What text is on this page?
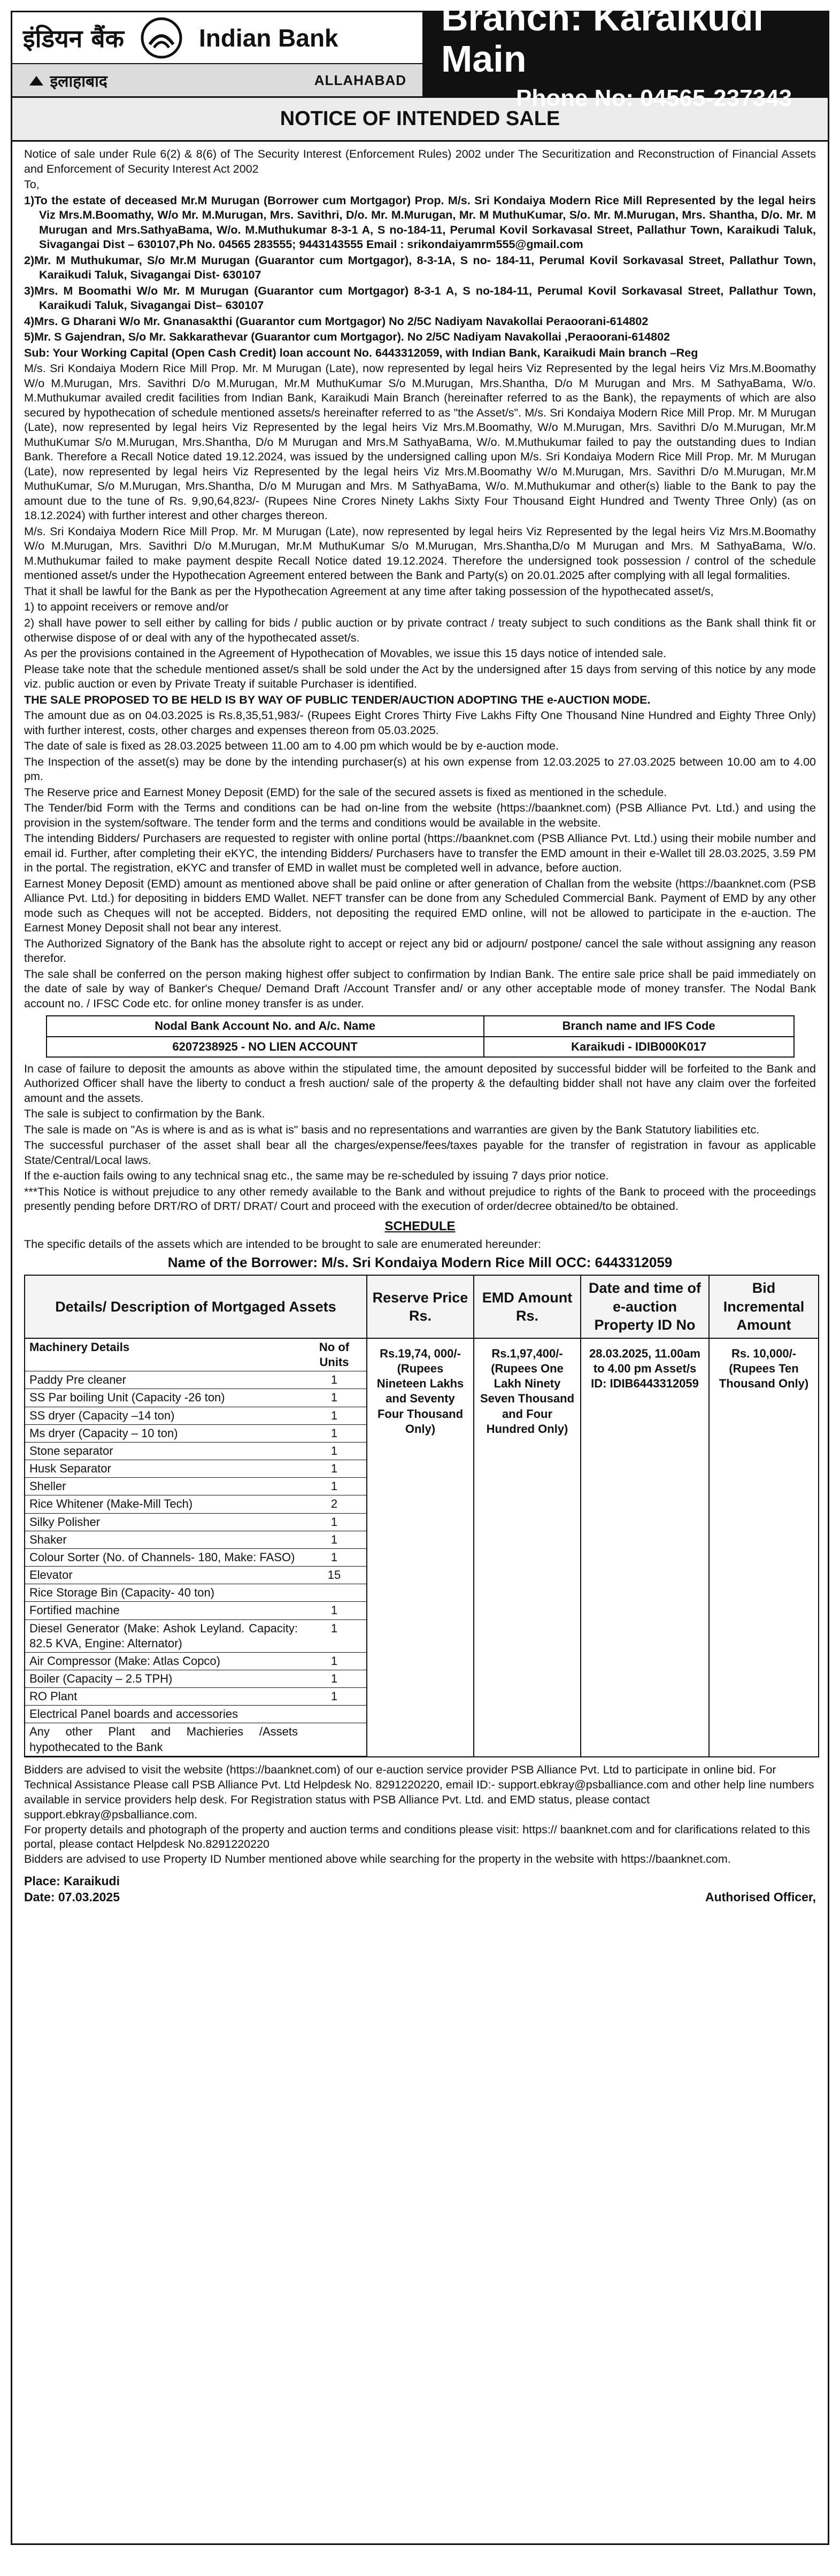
इंडियन बैंक	Indian Bank
इलाहाबाद	ALLAHABAD
Branch: Karaikudi Main
Phone No: 04565-237343
NOTICE OF INTENDED SALE

Notice of sale under Rule 6(2) & 8(6) of The Security Interest (Enforcement Rules) 2002 under The Securitization and Reconstruction of Financial Assets and Enforcement of Security Interest Act 2002

To,

1)To the estate of deceased Mr.M Murugan (Borrower cum Mortgagor) Prop. M/s. Sri Kondaiya Modern Rice Mill Represented by the legal heirs Viz Mrs.M.Boomathy, W/o Mr. M.Murugan, Mrs. Savithri, D/o. Mr. M.Murugan, Mr. M MuthuKumar, S/o. Mr. M.Murugan, Mrs. Shantha, D/o. Mr. M Murugan and Mrs.SathyaBama, W/o. M.Muthukumar 8-3-1 A, S no-184-11, Perumal Kovil Sorkavasal Street, Pallathur Town, Karaikudi Taluk, Sivagangai Dist – 630107,Ph No. 04565 283555; 9443143555 Email : srikondaiyamrm555@gmail.com
2)Mr. M Muthukumar, S/o Mr.M Murugan (Guarantor cum Mortgagor), 8-3-1A, S no- 184-11, Perumal Kovil Sorkavasal Street, Pallathur Town, Karaikudi Taluk, Sivagangai Dist- 630107
3)Mrs. M Boomathi W/o Mr. M Murugan (Guarantor cum Mortgagor) 8-3-1 A, S no-184-11, Perumal Kovil Sorkavasal Street, Pallathur Town, Karaikudi Taluk, Sivagangai Dist– 630107
4)Mrs. G Dharani W/o Mr. Gnanasakthi (Guarantor cum Mortgagor) No 2/5C Nadiyam Navakollai Peraoorani-614802
5)Mr. S Gajendran, S/o Mr. Sakkarathevar (Guarantor cum Mortgagor). No 2/5C Nadiyam Navakollai ,Peraoorani-614802

Sub: Your Working Capital (Open Cash Credit) loan account No. 6443312059, with Indian Bank, Karaikudi Main branch –Reg

M/s. Sri Kondaiya Modern Rice Mill Prop. Mr. M Murugan (Late), now represented by legal heirs Viz Represented by the legal heirs Viz Mrs.M.Boomathy W/o M.Murugan, Mrs. Savithri D/o M.Murugan, Mr.M MuthuKumar S/o M.Murugan, Mrs.Shantha, D/o M Murugan and Mrs. M SathyaBama, W/o. M.Muthukumar availed credit facilities from Indian Bank, Karaikudi Main Branch (hereinafter referred to as the Bank), the repayments of which are also secured by hypothecation of schedule mentioned assets/s hereinafter referred to as "the Asset/s". M/s. Sri Kondaiya Modern Rice Mill Prop. Mr. M Murugan (Late), now represented by legal heirs Viz Represented by the legal heirs Viz Mrs.M.Boomathy, W/o M.Murugan, Mrs. Savithri D/o M.Murugan, Mr.M MuthuKumar S/o M.Murugan, Mrs.Shantha, D/o M Murugan and Mrs.M SathyaBama, W/o. M.Muthukumar failed to pay the outstanding dues to Indian Bank. Therefore a Recall Notice dated 19.12.2024, was issued by the undersigned calling upon M/s. Sri Kondaiya Modern Rice Mill Prop. Mr. M Murugan (Late), now represented by legal heirs Viz Represented by the legal heirs Viz Mrs.M.Boomathy W/o M.Murugan, Mrs. Savithri D/o M.Murugan, Mr.M MuthuKumar, S/o M.Murugan, Mrs.Shantha, D/o M Murugan and Mrs. M SathyaBama, W/o. M.Muthukumar and other(s) liable to the Bank to pay the amount due to the tune of Rs. 9,90,64,823/- (Rupees Nine Crores Ninety Lakhs Sixty Four Thousand Eight Hundred and Twenty Three Only) (as on 18.12.2024) with further interest and other charges thereon.

M/s. Sri Kondaiya Modern Rice Mill Prop. Mr. M Murugan (Late), now represented by legal heirs Viz Represented by the legal heirs Viz Mrs.M.Boomathy W/o M.Murugan, Mrs. Savithri D/o M.Murugan, Mr.M MuthuKumar S/o M.Murugan, Mrs.Shantha,D/o M Murugan and Mrs. M SathyaBama, W/o. M.Muthukumar failed to make payment despite Recall Notice dated 19.12.2024. Therefore the undersigned took possession / control of the schedule mentioned asset/s under the Hypothecation Agreement entered between the Bank and Party(s) on 20.01.2025 after complying with all legal formalities.

That it shall be lawful for the Bank as per the Hypothecation Agreement at any time after taking possession of the hypothecated asset/s,

1) to appoint receivers or remove and/or

2) shall have power to sell either by calling for bids / public auction or by private contract / treaty subject to such conditions as the Bank shall think fit or otherwise dispose of or deal with any of the hypothecated asset/s.

As per the provisions contained in the Agreement of Hypothecation of Movables, we issue this 15 days notice of intended sale.

Please take note that the schedule mentioned asset/s shall be sold under the Act by the undersigned after 15 days from serving of this notice by any mode viz. public auction or even by Private Treaty if suitable Purchaser is identified.

THE SALE PROPOSED TO BE HELD IS BY WAY OF PUBLIC TENDER/AUCTION ADOPTING THE e-AUCTION MODE.

The amount due as on 04.03.2025 is Rs.8,35,51,983/- (Rupees Eight Crores Thirty Five Lakhs Fifty One Thousand Nine Hundred and Eighty Three Only) with further interest, costs, other charges and expenses thereon from 05.03.2025.

The date of sale is fixed as 28.03.2025 between 11.00 am to 4.00 pm which would be by e-auction mode.

The Inspection of the asset(s) may be done by the intending purchaser(s) at his own expense from 12.03.2025 to 27.03.2025 between 10.00 am to 4.00 pm.

The Reserve price and Earnest Money Deposit (EMD) for the sale of the secured assets is fixed as mentioned in the schedule.

The Tender/bid Form with the Terms and conditions can be had on-line from the website (https://baanknet.com) (PSB Alliance Pvt. Ltd.) and using the provision in the system/software. The tender form and the terms and conditions would be available in the website.

The intending Bidders/ Purchasers are requested to register with online portal (https://baanknet.com (PSB Alliance Pvt. Ltd.) using their mobile number and email id. Further, after completing their eKYC, the intending Bidders/ Purchasers have to transfer the EMD amount in their e-Wallet till 28.03.2025, 3.59 PM in the portal. The registration, eKYC and transfer of EMD in wallet must be completed well in advance, before auction.

Earnest Money Deposit (EMD) amount as mentioned above shall be paid online or after generation of Challan from the website (https://baanknet.com (PSB Alliance Pvt. Ltd.) for depositing in bidders EMD Wallet. NEFT transfer can be done from any Scheduled Commercial Bank. Payment of EMD by any other mode such as Cheques will not be accepted. Bidders, not depositing the required EMD online, will not be allowed to participate in the e-auction. The Earnest Money Deposit shall not bear any interest.

The Authorized Signatory of the Bank has the absolute right to accept or reject any bid or adjourn/ postpone/ cancel the sale without assigning any reason therefor.

The sale shall be conferred on the person making highest offer subject to confirmation by Indian Bank. The entire sale price shall be paid immediately on the date of sale by way of Banker's Cheque/ Demand Draft /Account Transfer and/ or any other acceptable mode of money transfer. The Nodal Bank account no. / IFSC Code etc. for online money transfer is as under.

Nodal Bank Account No. and A/c. Name	Branch name and IFS Code
6207238925 - NO LIEN ACCOUNT	Karaikudi - IDIB000K017

In case of failure to deposit the amounts as above within the stipulated time, the amount deposited by successful bidder will be forfeited to the Bank and Authorized Officer shall have the liberty to conduct a fresh auction/ sale of the property & the defaulting bidder shall not have any claim over the forfeited amount and the assets.

The sale is subject to confirmation by the Bank.

The sale is made on "As is where is and as is what is" basis and no representations and warranties are given by the Bank Statutory liabilities etc.

The successful purchaser of the asset shall bear all the charges/expense/fees/taxes payable for the transfer of registration in favour as applicable State/Central/Local laws.

If the e-auction fails owing to any technical snag etc., the same may be re-scheduled by issuing 7 days prior notice.

***This Notice is without prejudice to any other remedy available to the Bank and without prejudice to rights of the Bank to proceed with the proceedings presently pending before DRT/RO of DRT/ DRAT/ Court and proceed with the execution of order/decree obtained/to be obtained.

SCHEDULE

The specific details of the assets which are intended to be brought to sale are enumerated hereunder:

Name of the Borrower: M/s. Sri Kondaiya Modern Rice Mill OCC: 6443312059
Details/ Description of Mortgaged Assets	Reserve Price Rs.	EMD Amount Rs.	Date and time of e-auction Property ID No	Bid Incremental Amount

Machinery Details	No of Units
Paddy Pre cleaner	1
SS Par boiling Unit (Capacity -26 ton)	1
SS dryer (Capacity –14 ton)	1
Ms dryer (Capacity – 10 ton)	1
Stone separator	1
Husk Separator	1
Sheller	1
Rice Whitener (Make-Mill Tech)	2
Silky Polisher	1
Shaker	1
Colour Sorter (No. of Channels- 180, Make: FASO)	1
Elevator	15
Rice Storage Bin (Capacity- 40 ton)	
Fortified machine	1
Diesel Generator (Make: Ashok Leyland. Capacity: 82.5 KVA, Engine: Alternator)	1
Air Compressor (Make: Atlas Copco)	1
Boiler (Capacity – 2.5 TPH)	1
RO Plant	1
Electrical Panel boards and accessories	
Any other Plant and Machieries /Assets hypothecated to the Bank	
	Rs.19,74, 000/- (Rupees Nineteen Lakhs and Seventy Four Thousand Only)	Rs.1,97,400/- (Rupees One Lakh Ninety Seven Thousand and Four Hundred Only)	28.03.2025, 11.00am to 4.00 pm Asset/s ID: IDIB6443312059	Rs. 10,000/- (Rupees Ten Thousand Only)

Bidders are advised to visit the website (https://baanknet.com) of our e-auction service provider PSB Alliance Pvt. Ltd to participate in online bid. For Technical Assistance Please call PSB Alliance Pvt. Ltd Helpdesk No. 8291220220, email ID:- support.ebkray@psballiance.com and other help line numbers available in service providers help desk. For Registration status with PSB Alliance Pvt. Ltd. and EMD status, please contact support.ebkray@psballiance.com.

For property details and photograph of the property and auction terms and conditions please visit: https:// baanknet.com and for clarifications related to this portal, please contact Helpdesk No.8291220220

Bidders are advised to use Property ID Number mentioned above while searching for the property in the website with https://baanknet.com.

Place: Karaikudi
Date: 07.03.2025	Authorised Officer,
